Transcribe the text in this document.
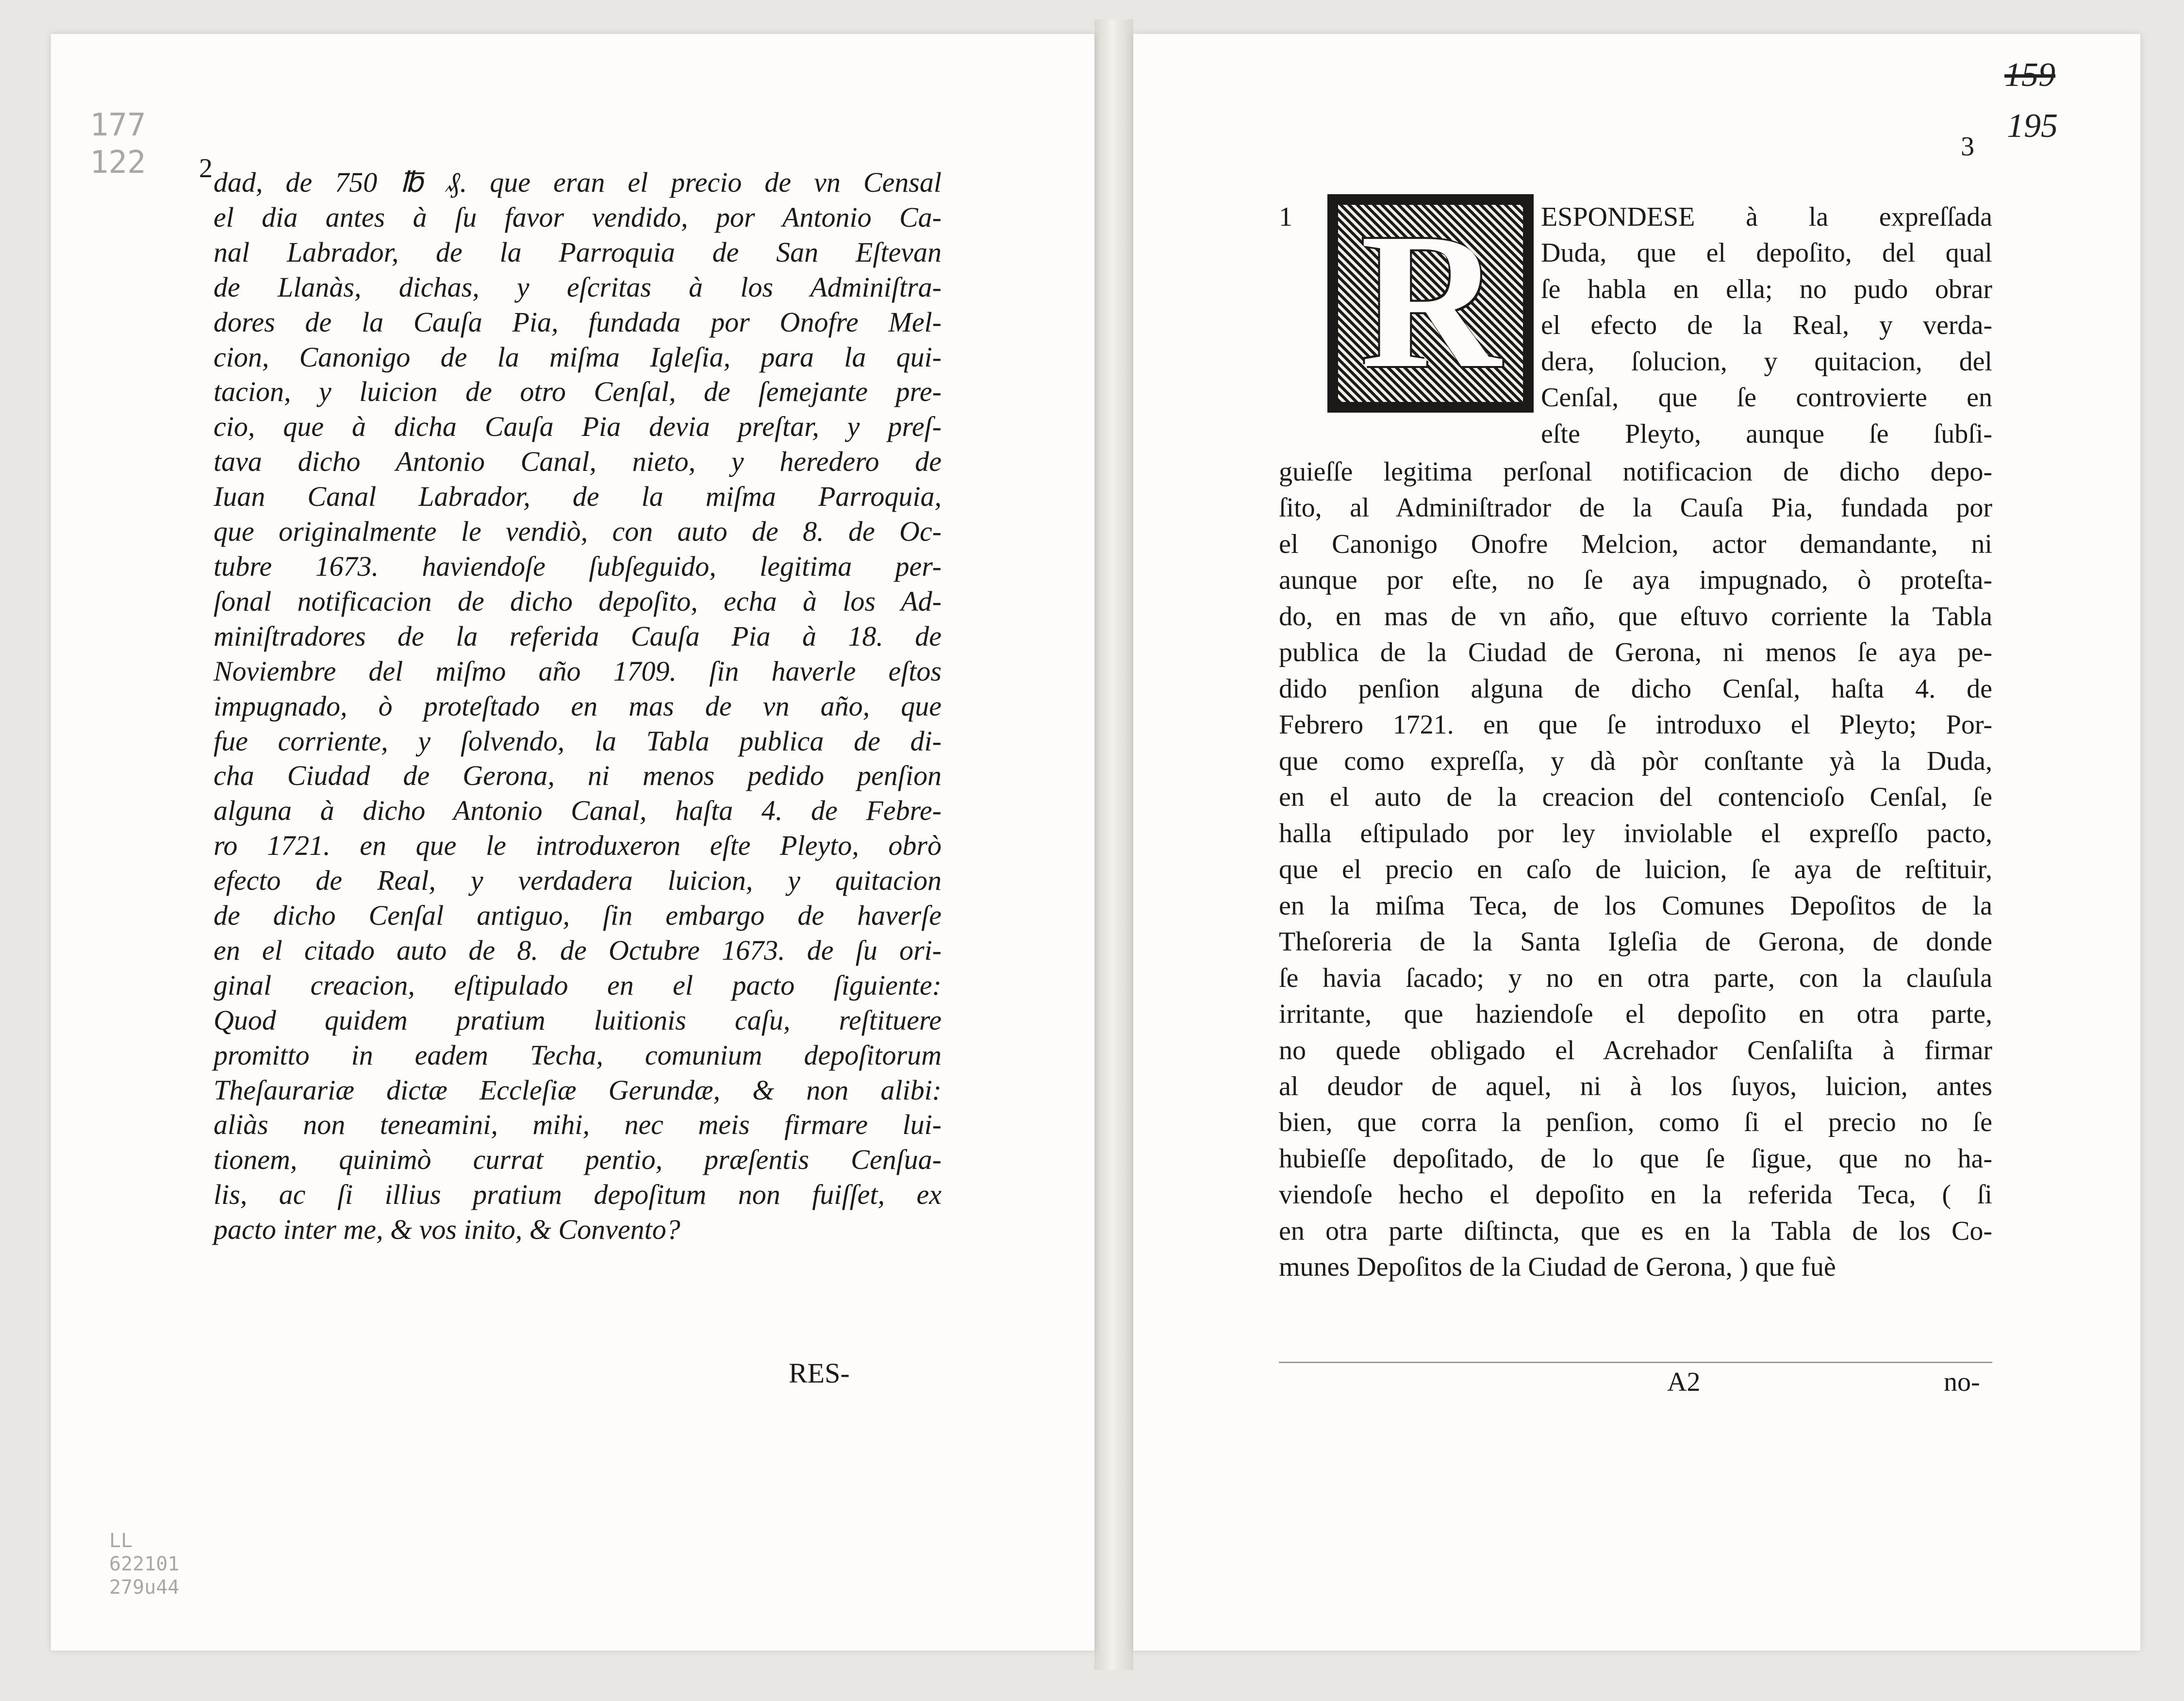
177
122 2 dad, de 750 ℔ ₰. que eran el precio de vn Censal
el dia antes à ſu favor vendido, por Antonio Ca-
nal Labrador, de la Parroquia de San Eſtevan
de Llanàs, dichas, y eſcritas à los Adminiſtra-
dores de la Cauſa Pia, fundada por Onofre Mel-
cion, Canonigo de la miſma Igleſia, para la qui-
tacion, y luicion de otro Cenſal, de ſemejante pre-
cio, que à dicha Cauſa Pia devia preſtar, y preſ-
tava dicho Antonio Canal, nieto, y heredero de
Iuan Canal Labrador, de la miſma Parroquia,
que originalmente le vendiò, con auto de 8. de Oc-
tubre 1673. haviendoſe ſubſeguido, legitima per-
ſonal notificacion de dicho depoſito, echa à los Ad-
miniſtradores de la referida Cauſa Pia à 18. de
Noviembre del miſmo año 1709. ſin haverle eſtos
impugnado, ò proteſtado en mas de vn año, que
fue corriente, y ſolvendo, la Tabla publica de di-
cha Ciudad de Gerona, ni menos pedido penſion
alguna à dicho Antonio Canal, haſta 4. de Febre-
ro 1721. en que le introduxeron eſte Pleyto, obrò
efecto de Real, y verdadera luicion, y quitacion
de dicho Cenſal antiguo, ſin embargo de haverſe
en el citado auto de 8. de Octubre 1673. de ſu ori-
ginal creacion, eſtipulado en el pacto ſiguiente:
Quod quidem pratium luitionis caſu, reſtituere
promitto in eadem Techa, comunium depoſitorum
Theſaurariæ dictæ Eccleſiæ Gerundæ, & non alibi:
aliàs non teneamini, mihi, nec meis firmare lui-
tionem, quinimò currat pentio, præſentis Cenſua-
lis, ac ſi illius pratium depoſitum non fuiſſet, ex
pacto inter me, & vos inito, & Convento?
RES-
LL
622101
279u44
159
195
3
1 R	ESPONDESE à la expreſſada
Duda, que el depoſito, del qual
ſe habla en ella; no pudo obrar
el efecto de la Real, y verda-
dera, ſolucion, y quitacion, del
Cenſal, que ſe controvierte en
eſte Pleyto, aunque ſe ſubſi-
guieſſe legitima perſonal notificacion de dicho depo-
ſito, al Adminiſtrador de la Cauſa Pia, fundada por
el Canonigo Onofre Melcion, actor demandante, ni
aunque por eſte, no ſe aya impugnado, ò proteſta-
do, en mas de vn año, que eſtuvo corriente la Tabla
publica de la Ciudad de Gerona, ni menos ſe aya pe-
dido penſion alguna de dicho Cenſal, haſta 4. de
Febrero 1721. en que ſe introduxo el Pleyto; Por-
que como expreſſa, y dà pòr conſtante yà la Duda,
en el auto de la creacion del contencioſo Cenſal, ſe
halla eſtipulado por ley inviolable el expreſſo pacto,
que el precio en caſo de luicion, ſe aya de reſtituir,
en la miſma Teca, de los Comunes Depoſitos de la
Theſoreria de la Santa Igleſia de Gerona, de donde
ſe havia ſacado; y no en otra parte, con la clauſula
irritante, que haziendoſe el depoſito en otra parte,
no quede obligado el Acrehador Cenſaliſta à firmar
al deudor de aquel, ni à los ſuyos, luicion, antes
bien, que corra la penſion, como ſi el precio no ſe
hubieſſe depoſitado, de lo que ſe ſigue, que no ha-
viendoſe hecho el depoſito en la referida Teca, ( ſi
en otra parte diſtincta, que es en la Tabla de los Co-
munes Depoſitos de la Ciudad de Gerona, ) que fuè
A2	no-
